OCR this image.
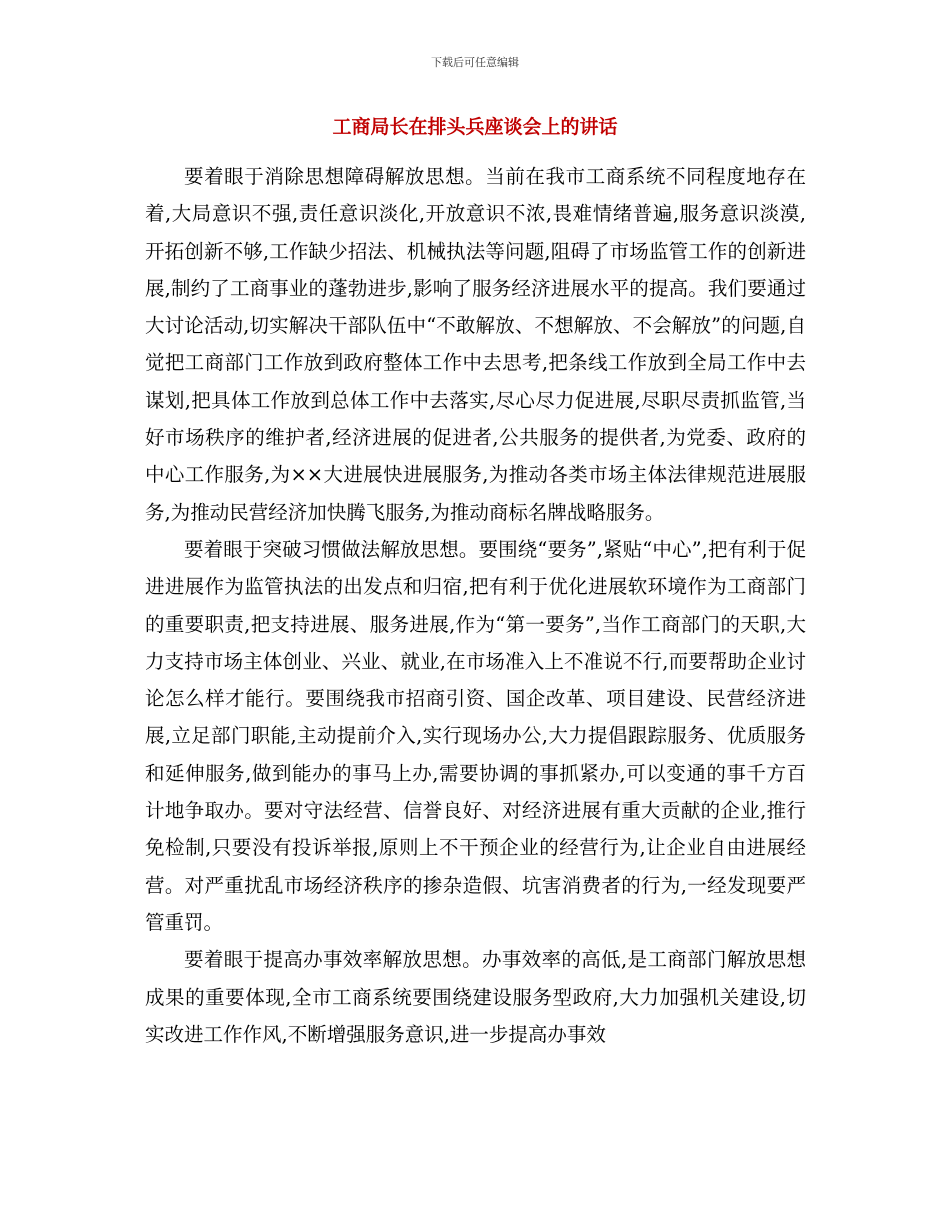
下载后可任意编辑

工商局长在排头兵座谈会上的讲话

要着眼于消除思想障碍解放思想。当前在我市工商系统不同程度地存在着,大局意识不强,责任意识淡化,开放意识不浓,畏难情绪普遍,服务意识淡漠,开拓创新不够,工作缺少招法、机械执法等问题,阻碍了市场监管工作的创新进展,制约了工商事业的蓬勃进步,影响了服务经济进展水平的提高。我们要通过大讨论活动,切实解决干部队伍中“不敢解放、不想解放、不会解放”的问题,自觉把工商部门工作放到政府整体工作中去思考,把条线工作放到全局工作中去谋划,把具体工作放到总体工作中去落实,尽心尽力促进展,尽职尽责抓监管,当好市场秩序的维护者,经济进展的促进者,公共服务的提供者,为党委、政府的中心工作服务,为××大进展快进展服务,为推动各类市场主体法律规范进展服务,为推动民营经济加快腾飞服务,为推动商标名牌战略服务。

要着眼于突破习惯做法解放思想。要围绕“要务”,紧贴“中心”,把有利于促进进展作为监管执法的出发点和归宿,把有利于优化进展软环境作为工商部门的重要职责,把支持进展、服务进展,作为“第一要务”,当作工商部门的天职,大力支持市场主体创业、兴业、就业,在市场准入上不准说不行,而要帮助企业讨论怎么样才能行。要围绕我市招商引资、国企改革、项目建设、民营经济进展,立足部门职能,主动提前介入,实行现场办公,大力提倡跟踪服务、优质服务和延伸服务,做到能办的事马上办,需要协调的事抓紧办,可以变通的事千方百计地争取办。要对守法经营、信誉良好、对经济进展有重大贡献的企业,推行免检制,只要没有投诉举报,原则上不干预企业的经营行为,让企业自由进展经营。对严重扰乱市场经济秩序的掺杂造假、坑害消费者的行为,一经发现要严管重罚。

要着眼于提高办事效率解放思想。办事效率的高低,是工商部门解放思想成果的重要体现,全市工商系统要围绕建设服务型政府,大力加强机关建设,切实改进工作作风,不断增强服务意识,进一步提高办事效
